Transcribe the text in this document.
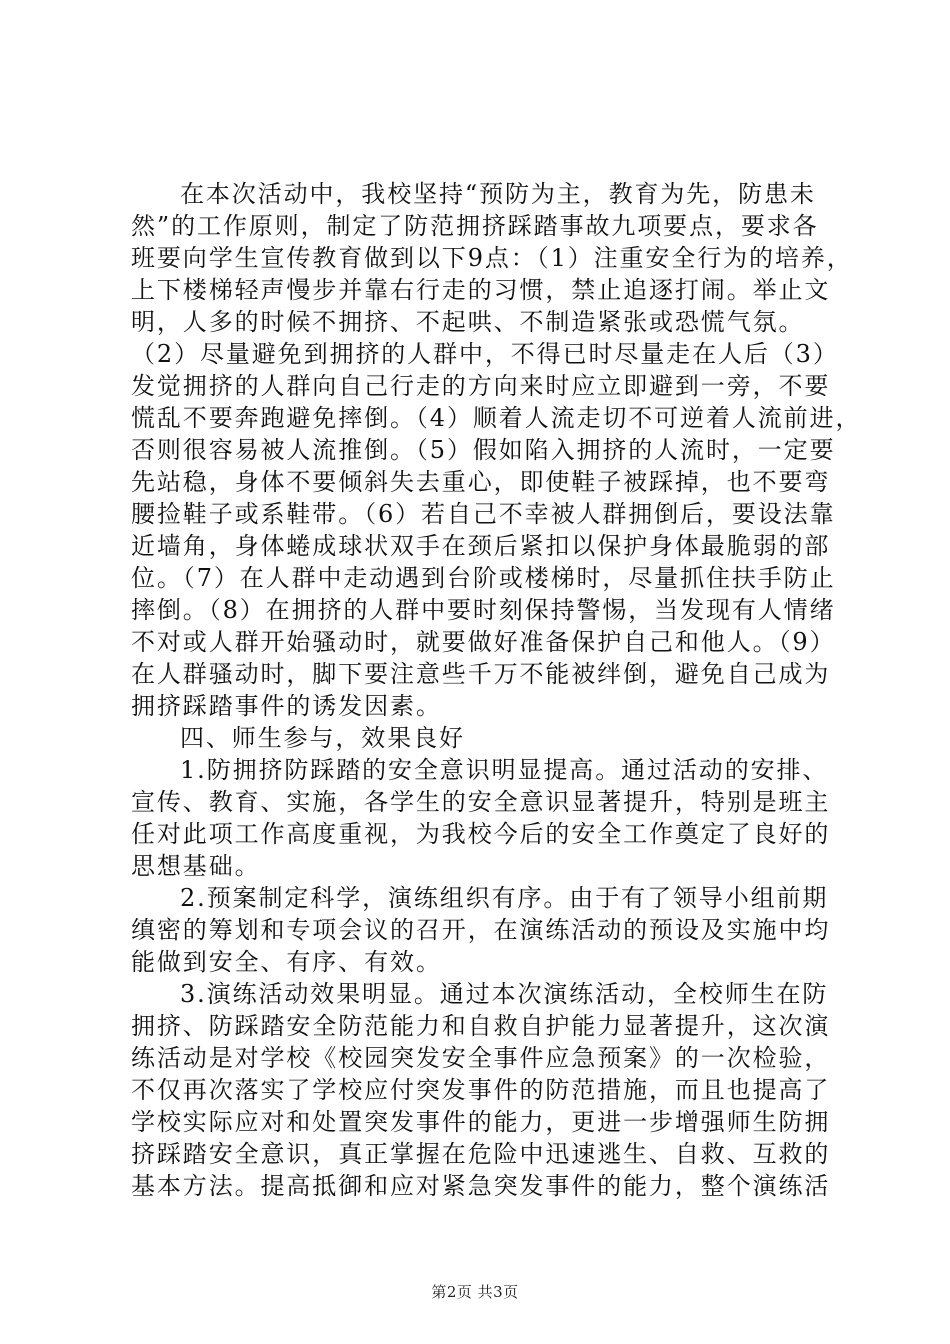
在本次活动中，我校坚持“预防为主，教育为先，防患未
然”的工作原则，制定了防范拥挤踩踏事故九项要点，要求各
班要向学生宣传教育做到以下9点：（1）注重安全行为的培养，
上下楼梯轻声慢步并靠右行走的习惯，禁止追逐打闹。举止文
明，人多的时候不拥挤、不起哄、不制造紧张或恐慌气氛。
（2）尽量避免到拥挤的人群中，不得已时尽量走在人后（3）
发觉拥挤的人群向自己行走的方向来时应立即避到一旁，不要
慌乱不要奔跑避免摔倒。（4）顺着人流走切不可逆着人流前进，
否则很容易被人流推倒。（5）假如陷入拥挤的人流时，一定要
先站稳，身体不要倾斜失去重心，即使鞋子被踩掉，也不要弯
腰捡鞋子或系鞋带。（6）若自己不幸被人群拥倒后，要设法靠
近墙角，身体蜷成球状双手在颈后紧扣以保护身体最脆弱的部
位。（7）在人群中走动遇到台阶或楼梯时，尽量抓住扶手防止
摔倒。（8）在拥挤的人群中要时刻保持警惕，当发现有人情绪
不对或人群开始骚动时，就要做好准备保护自己和他人。（9）
在人群骚动时，脚下要注意些千万不能被绊倒，避免自己成为
拥挤踩踏事件的诱发因素。
四、师生参与，效果良好
1.防拥挤防踩踏的安全意识明显提高。通过活动的安排、
宣传、教育、实施，各学生的安全意识显著提升，特别是班主
任对此项工作高度重视，为我校今后的安全工作奠定了良好的
思想基础。
2.预案制定科学，演练组织有序。由于有了领导小组前期
缜密的筹划和专项会议的召开，在演练活动的预设及实施中均
能做到安全、有序、有效。
3.演练活动效果明显。通过本次演练活动，全校师生在防
拥挤、防踩踏安全防范能力和自救自护能力显著提升，这次演
练活动是对学校《校园突发安全事件应急预案》的一次检验，
不仅再次落实了学校应付突发事件的防范措施，而且也提高了
学校实际应对和处置突发事件的能力，更进一步增强师生防拥
挤踩踏安全意识，真正掌握在危险中迅速逃生、自救、互救的
基本方法。提高抵御和应对紧急突发事件的能力，整个演练活
第2页 共3页
